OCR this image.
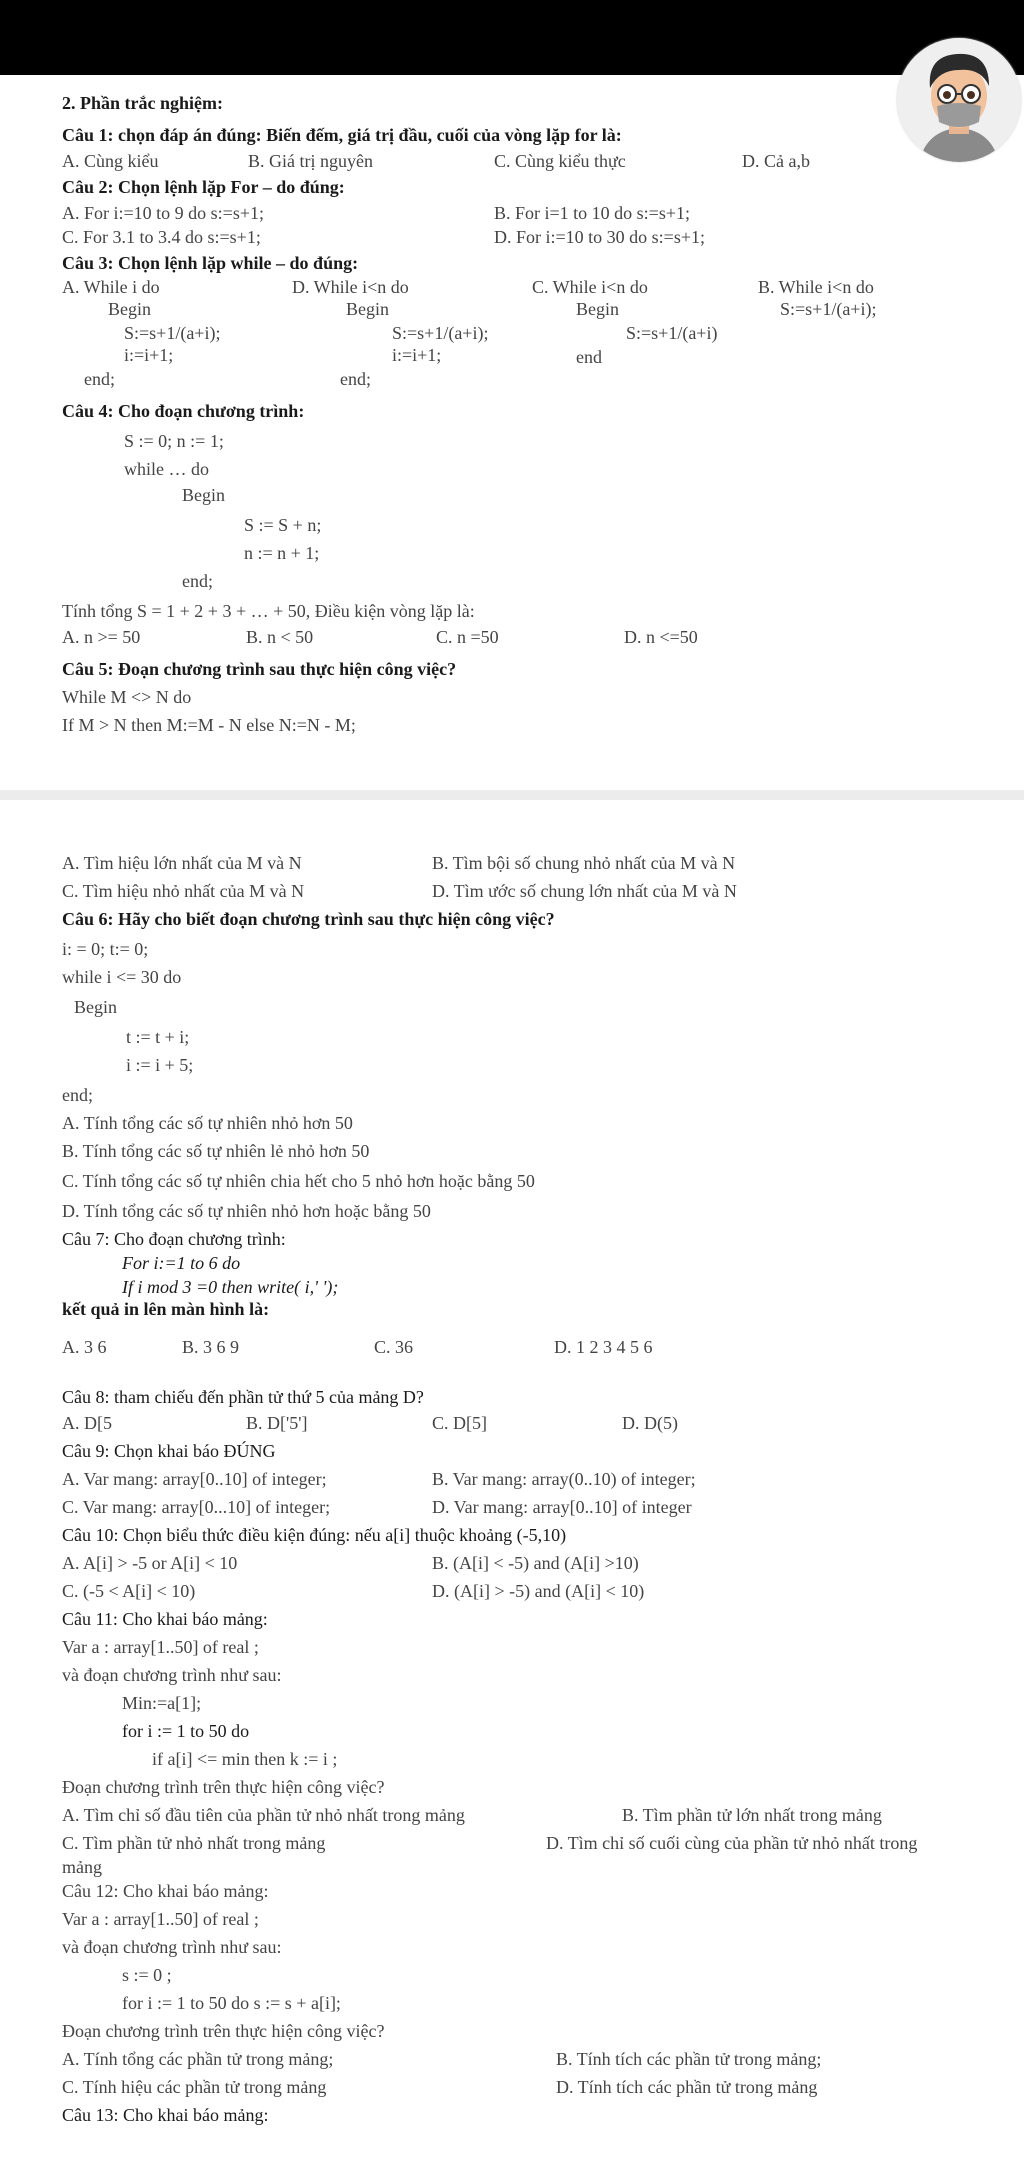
2. Phần trắc nghiệm:
Câu 1: chọn đáp án đúng: Biến đếm, giá trị đầu, cuối của vòng lặp for là:
A. Cùng kiểu	B. Giá trị nguyên	C. Cùng kiểu thực	D. Cả a,b
Câu 2: Chọn lệnh lặp For – do đúng:
A. For i:=10 to 9 do s:=s+1;	B. For i=1 to 10 do s:=s+1;
C. For 3.1 to 3.4 do s:=s+1;	D. For i:=10 to 30 do s:=s+1;
Câu 3: Chọn lệnh lặp while – do đúng:
A. While i do	D. While i<n do	C. While i<n do	B. While i<n do
Begin	Begin	Begin	S:=s+1/(a+i);
S:=s+1/(a+i);	S:=s+1/(a+i);	S:=s+1/(a+i)
i:=i+1;	i:=i+1;	end
end;	end;
Câu 4: Cho đoạn chương trình:
S := 0; n := 1;
while … do
Begin
S := S + n;
n := n + 1;
end;
Tính tổng S = 1 + 2 + 3 + … + 50, Điều kiện vòng lặp là:
A. n >= 50	B. n < 50	C. n =50	D. n <=50
Câu 5: Đoạn chương trình sau thực hiện công việc?
While M <> N do
If M > N then M:=M - N else N:=N - M;
A. Tìm hiệu lớn nhất của M và N	B. Tìm bội số chung nhỏ nhất của M và N
C. Tìm hiệu nhỏ nhất của M và N	D. Tìm ước số chung lớn nhất của M và N
Câu 6: Hãy cho biết đoạn chương trình sau thực hiện công việc?
i: = 0; t:= 0;
while i <= 30 do
Begin
t := t + i;
i := i + 5;
end;
A. Tính tổng các số tự nhiên nhỏ hơn 50
B. Tính tổng các số tự nhiên lẻ nhỏ hơn 50
C. Tính tổng các số tự nhiên chia hết cho 5 nhỏ hơn hoặc bằng 50
D. Tính tổng các số tự nhiên nhỏ hơn hoặc bằng 50
Câu 7: Cho đoạn chương trình:
For i:=1 to 6 do
If i mod 3 =0 then write( i,' ');
kết quả in lên màn hình là:
A. 3 6	B. 3 6 9	C. 36	D. 1 2 3 4 5 6
Câu 8: tham chiếu đến phần tử thứ 5 của mảng D?
A. D[5	B. D['5']	C. D[5]	D. D(5)
Câu 9: Chọn khai báo ĐÚNG
A. Var mang: array[0..10] of integer;	B. Var mang: array(0..10) of integer;
C. Var mang: array[0...10] of integer;	D. Var mang: array[0..10] of integer
Câu 10: Chọn biểu thức điều kiện đúng: nếu a[i] thuộc khoảng (-5,10)
A. A[i] > -5 or A[i] < 10	B. (A[i] < -5) and (A[i] >10)
C. (-5 < A[i] < 10)	D. (A[i] > -5) and (A[i] < 10)
Câu 11: Cho khai báo mảng:
Var a : array[1..50] of real ;
và đoạn chương trình như sau:
Min:=a[1];
for i := 1 to 50 do
if a[i] <= min then k := i ;
Đoạn chương trình trên thực hiện công việc?
A. Tìm chỉ số đầu tiên của phần tử nhỏ nhất trong mảng	B. Tìm phần tử lớn nhất trong mảng
C. Tìm phần tử nhỏ nhất trong mảng
mảng
D. Tìm chỉ số cuối cùng của phần tử nhỏ nhất trong
Câu 12: Cho khai báo mảng:
Var a : array[1..50] of real ;
và đoạn chương trình như sau:
s := 0 ;
for i := 1 to 50 do s := s + a[i];
Đoạn chương trình trên thực hiện công việc?
A. Tính tổng các phần tử trong mảng;	B. Tính tích các phần tử trong mảng;
C. Tính hiệu các phần tử trong mảng	D. Tính tích các phần tử trong mảng
Câu 13: Cho khai báo mảng:
